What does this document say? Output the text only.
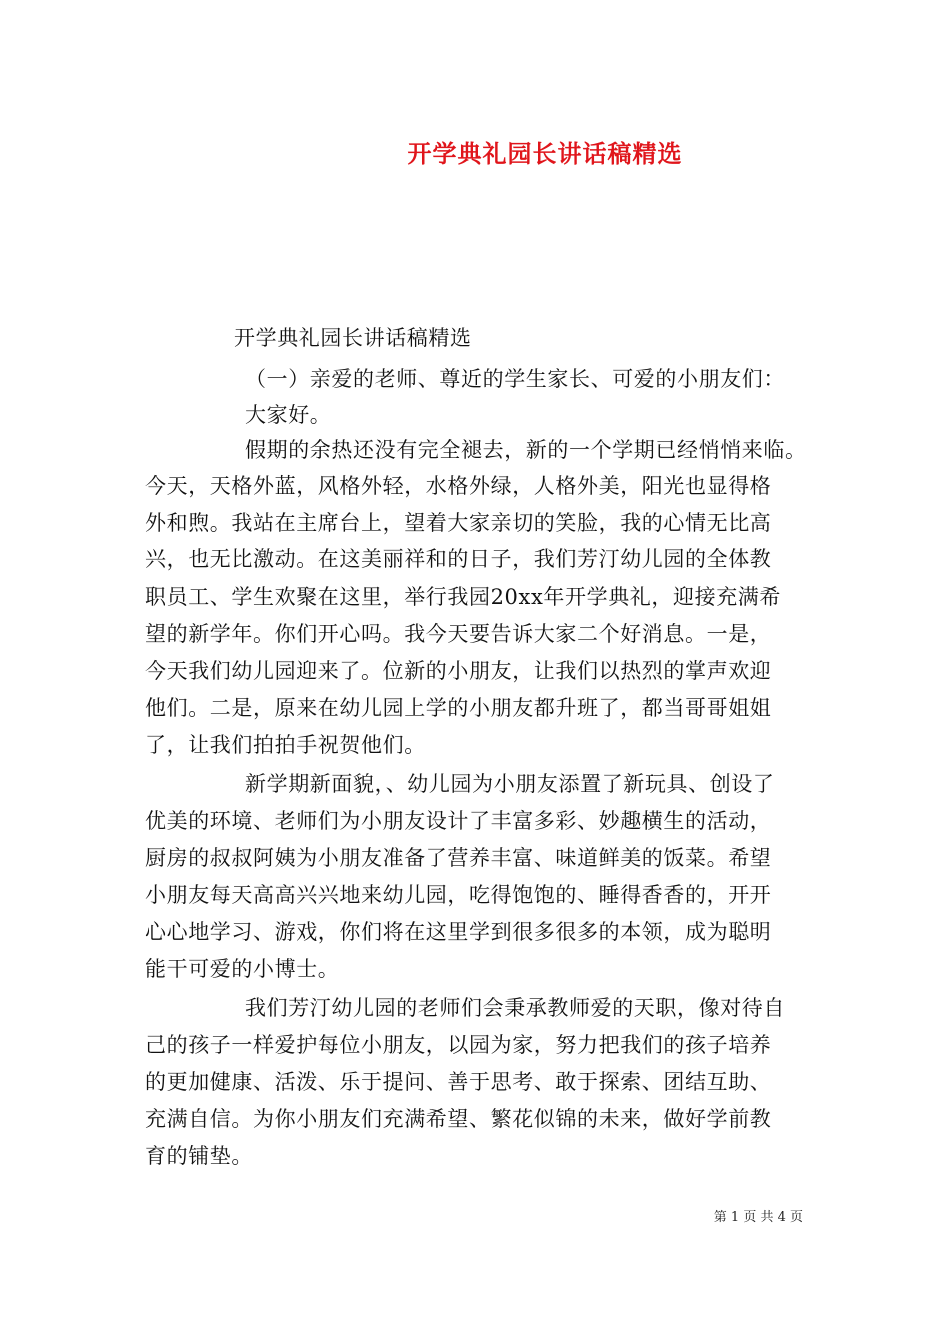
开学典礼园长讲话稿精选
开学典礼园长讲话稿精选
（一）亲爱的老师、尊近的学生家长、可爱的小朋友们：
大家好。
假期的余热还没有完全褪去，新的一个学期已经悄悄来临。
今天，天格外蓝，风格外轻，水格外绿，人格外美，阳光也显得格
外和煦。我站在主席台上，望着大家亲切的笑脸，我的心情无比高
兴，也无比激动。在这美丽祥和的日子，我们芳汀幼儿园的全体教
职员工、学生欢聚在这里，举行我园20xx年开学典礼，迎接充满希
望的新学年。你们开心吗。我今天要告诉大家二个好消息。一是，
今天我们幼儿园迎来了。位新的小朋友，让我们以热烈的掌声欢迎
他们。二是，原来在幼儿园上学的小朋友都升班了，都当哥哥姐姐
了，让我们拍拍手祝贺他们。
新学期新面貌，、幼儿园为小朋友添置了新玩具、创设了
优美的环境、老师们为小朋友设计了丰富多彩、妙趣横生的活动，
厨房的叔叔阿姨为小朋友准备了营养丰富、味道鲜美的饭菜。希望
小朋友每天高高兴兴地来幼儿园，吃得饱饱的、睡得香香的，开开
心心地学习、游戏，你们将在这里学到很多很多的本领，成为聪明
能干可爱的小博士。
我们芳汀幼儿园的老师们会秉承教师爱的天职，像对待自
己的孩子一样爱护每位小朋友，以园为家，努力把我们的孩子培养
的更加健康、活泼、乐于提问、善于思考、敢于探索、团结互助、
充满自信。为你小朋友们充满希望、繁花似锦的未来，做好学前教
育的铺垫。
第 1 页 共 4 页
